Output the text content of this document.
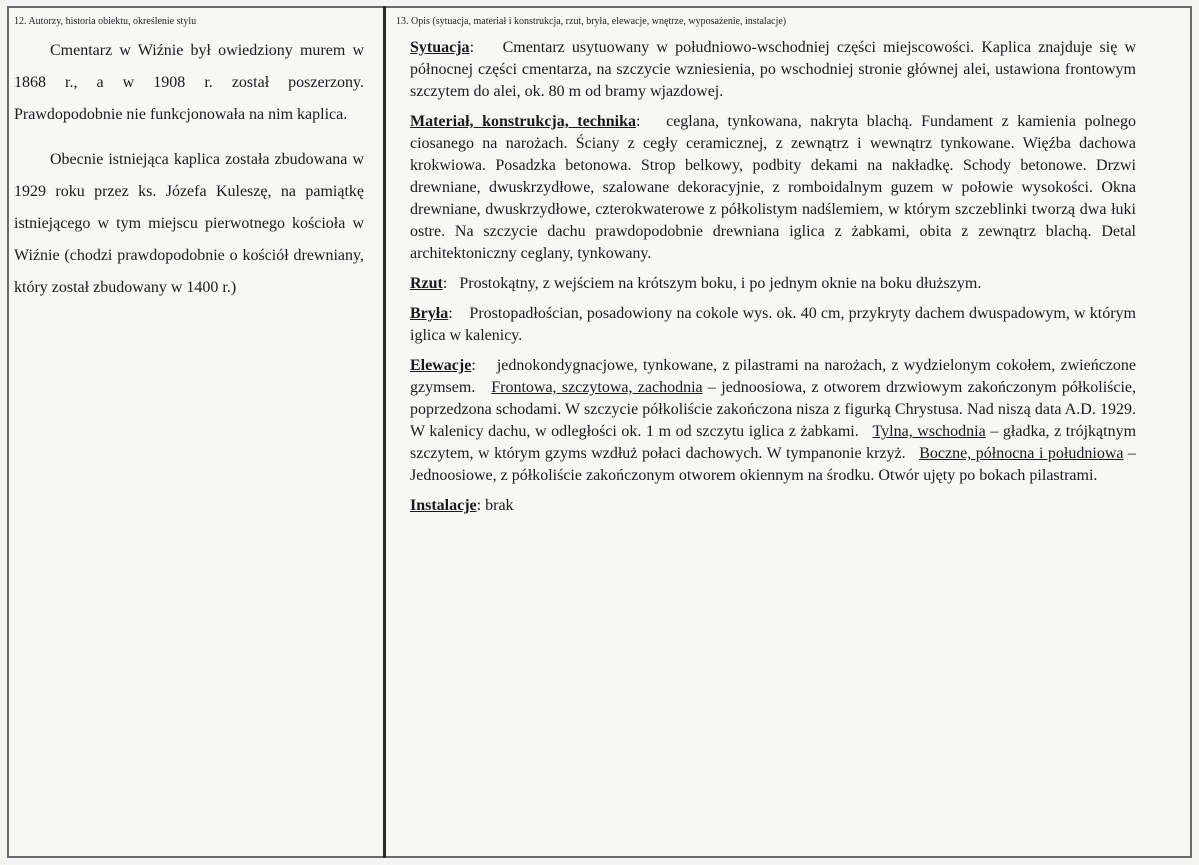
12. Autorzy, historia obiektu, określenie stylu

Cmentarz w Wiźnie był owiedziony murem w 1868 r., a w 1908 r. został poszerzony. Prawdopodobnie nie funkcjonowała na nim kaplica.

Obecnie istniejąca kaplica została zbudowana w 1929 roku przez ks. Józefa Kuleszę, na pamiątkę istniejącego w tym miejscu pierwotnego kościoła w Wiźnie (chodzi prawdopodobnie o kościół drewniany, który został zbudowany w 1400 r.)

13. Opis (sytuacja, materiał i konstrukcja, rzut, bryła, elewacje, wnętrze, wyposażenie, instalacje)

Sytuacja:    Cmentarz usytuowany w południowo-wschodniej części miejscowości. Kaplica znajduje się w północnej części cmentarza, na szczycie wzniesienia, po wschodniej stronie głównej alei, ustawiona frontowym szczytem do alei, ok. 80 m od bramy wjazdowej.

Materiał, konstrukcja, technika:   ceglana, tynkowana, nakryta blachą. Fundament z kamienia polnego ciosanego na narożach. Ściany z cegły ceramicznej, z zewnątrz i wewnątrz tynkowane. Więźba dachowa krokwiowa. Posadzka betonowa. Strop belkowy, podbity dekami na nakładkę. Schody betonowe. Drzwi drewniane, dwuskrzydłowe, szalowane dekoracyjnie, z romboidalnym guzem w połowie wysokości. Okna drewniane, dwuskrzydłowe, czterokwaterowe z półkolistym nadślemiem, w którym szczeblinki tworzą dwa łuki ostre. Na szczycie dachu prawdopodobnie drewniana iglica z żabkami, obita z zewnątrz blachą. Detal architektoniczny ceglany, tynkowany.

Rzut:   Prostokątny, z wejściem na krótszym boku, i po jednym oknie na boku dłuższym.

Bryła:    Prostopadłościan, posadowiony na cokole wys. ok. 40 cm, przykryty dachem dwuspadowym, w którym iglica w kalenicy.

Elewacje:    jednokondygnacjowe, tynkowane, z pilastrami na narożach, z wydzielonym cokołem, zwieńczone gzymsem. Frontowa, szczytowa, zachodnia – jednoosiowa, z otworem drzwiowym zakończonym półkoliście, poprzedzona schodami. W szczycie półkoliście zakończona nisza z figurką Chrystusa. Nad niszą data A.D. 1929. W kalenicy dachu, w odległości ok. 1 m od szczytu iglica z żabkami. Tylna, wschodnia – gładka, z trójkątnym szczytem, w którym gzyms wzdłuż połaci dachowych. W tympanonie krzyż. Boczne, północna i południowa – Jednoosiowe, z półkoliście zakończonym otworem okiennym na środku. Otwór ujęty po bokach pilastrami.

Instalacje: brak
